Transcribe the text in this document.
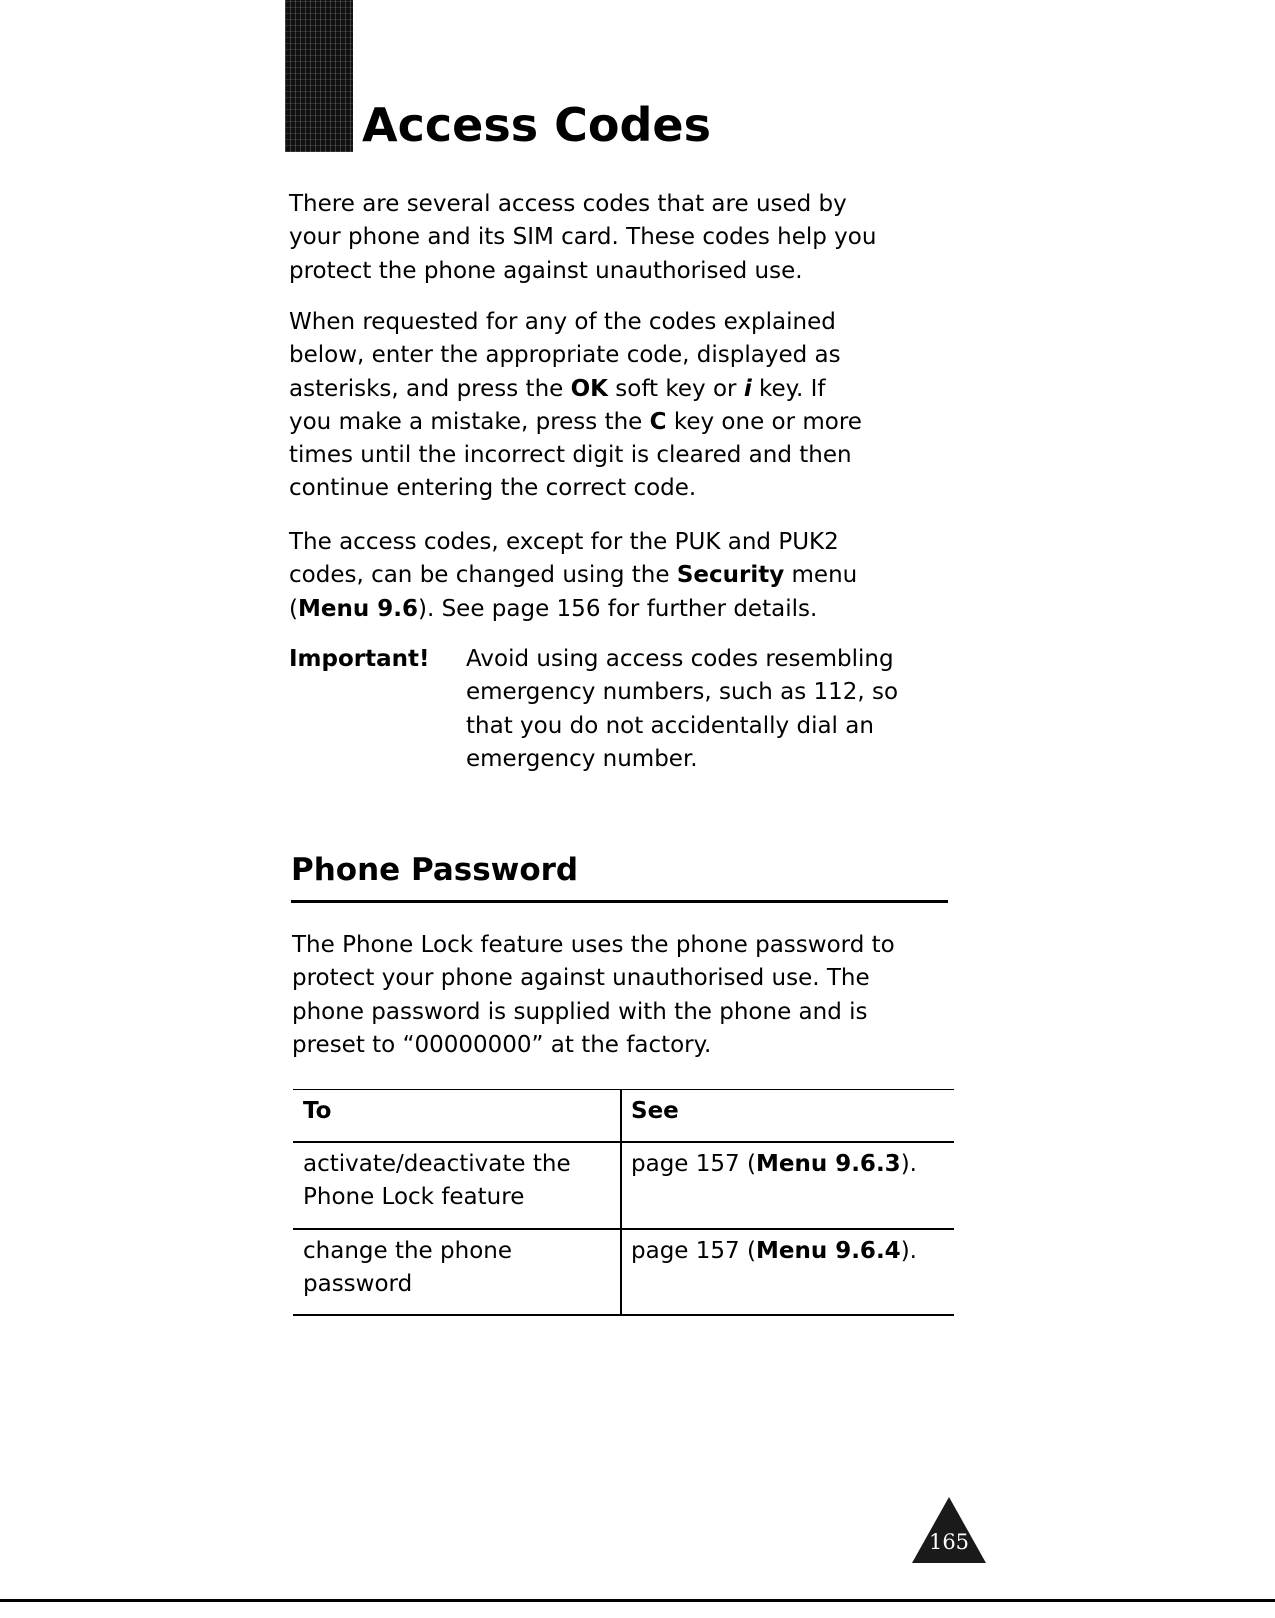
Access Codes
There are several access codes that are used by
your phone and its SIM card. These codes help you
protect the phone against unauthorised use.
When requested for any of the codes explained
below, enter the appropriate code, displayed as
asterisks, and press the OK soft key or i key. If
you make a mistake, press the C key one or more
times until the incorrect digit is cleared and then
continue entering the correct code.
The access codes, except for the PUK and PUK2
codes, can be changed using the Security menu
(Menu 9.6). See page 156 for further details.
Important! Avoid using access codes resembling
emergency numbers, such as 112, so
that you do not accidentally dial an
emergency number.
Phone Password
The Phone Lock feature uses the phone password to
protect your phone against unauthorised use. The
phone password is supplied with the phone and is
preset to “00000000” at the factory.
To	See
activate/deactivate the
Phone Lock feature
page 157 (Menu 9.6.3).
change the phone
password
page 157 (Menu 9.6.4).
165
